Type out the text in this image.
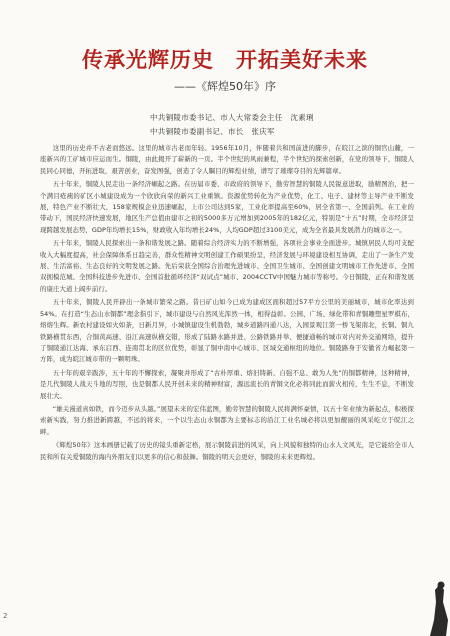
传承光辉历史　开拓美好未来
——《辉煌50年》序
中共铜陵市委书记、市人大常委会主任　沈素琍
中共铜陵市委副书记、市长　张庆军

这里的历史并不古老而悠远。这里的城市古老而年轻。1956年10月，伴随着共和国前进的脚步，在皖江之滨的铜官山麓，一座新兴的工矿城市应运而生。铜陵，由此揭开了崭新的一页。半个世纪的风雨兼程，半个世纪的探索创新，在党的领导下，铜陵人民同心同德，开拓进取，艰苦创业，奋发图强，创造了令人瞩目的辉煌业绩，谱写了璀璨夺目的光辉篇章。

五十年来，铜陵人民走出一条经济崛起之路。在历届市委、市政府的领导下，勤劳智慧的铜陵人民锐意进取，励精图治，把一个满目疮痍的矿区小城建设成为一个欣欣向荣的新兴工业重镇。资源优势转化为产业优势，化工、电子、建材等主导产业不断发展，特色产业不断壮大，158家规模企业迅速崛起，上市公司达到5家，工业化率提高至60%，居全省第一、全国前列。在工业的带动下，国民经济快速发展，地区生产总值由建市之初的5000多万元增加到2005年的182亿元，特别是“十五”时期，全市经济呈现跨越发展态势，GDP年均增长15%，财政收入年均增长24%，人均GDP超过3100美元，成为全省最具发展潜力的城市之一。

五十年来，铜陵人民探索出一条和谐发展之路。随着综合经济实力的不断增强，各项社会事业全面进步。城镇居民人均可支配收入大幅度提高，社会保障体系日趋完善，群众性精神文明创建工作硕果纷呈，经济发展与环境建设相互协调，走出了一条生产发展、生活富裕、生态良好的文明发展之路。先后荣获全国综合治理先进城市、全国卫生城市、全国创建文明城市工作先进市、全国双拥模范城、全国科技进步先进市、全国首批循环经济“双试点”城市、2004CCTV中国魅力城市等称号。今日铜陵，正在和谐发展的康庄大道上阔步前行。

五十年来，铜陵人民开辟出一条城市繁荣之路。昔日矿山如今已成为建成区面积超过57平方公里的美丽城市，城市化率达到54%。在打造“生态山水铜都”理念指引下，城市建设与自然风光浑然一体，相得益彰。公园、广场、绿化带和青铜雕塑星罗棋布，熔熔生辉。新农村建设如火如荼，日新月异，小城镇建设生机勃勃，城乡道路四通八达，入园景观江第一桥飞架南北，长铜、铜九铁路横贯东西，合铜黄高速、沿江高速纵横交错，形成了陆路水路并进、公路铁路并举、便捷通畅的城市对内对外交通网络，提升了铜陵通江达海、承东启西、连南贯北的区位优势，彰显了铜中南中心城市、区域交通枢纽的地位。铜陵路身于安徽省力崛起第一方阵，成为皖江城市带的一颗明珠。

五十年的艰辛跋涉，五十年的不懈探索，凝聚并形成了“古朴厚重、熔旧铸新、自强不息、敢为人先”的铜都精神，这种精神，是几代铜陵人战天斗地的写照，也是铜都人民开创未来的精神财富，源远流长的青铜文化必将同此而薪火相传，生生不息，不断发展壮大。

“雄关漫道真如铁，而今迈步从头越。”展望未来的宏伟蓝图，勤劳智慧的铜陵人民将满怀豪情，以五十年业绩为新起点，积极探索新实践，努力推进新跨越，不远的将来，一个以生态山水铜都为主要标志的沿江工业名城必将以更加靓丽的风采屹立于皖江之畔。

《辉煌50年》这本画册记载了历史的镜头重新定格，展示铜陵前进的风采，向上风貌和独特的山水人文风光，是它能给全市人民和所有关爱铜陵的海内外朋友们以更多的信心和鼓舞。铜陵的明天会更好，铜陵的未来更辉煌。

2
